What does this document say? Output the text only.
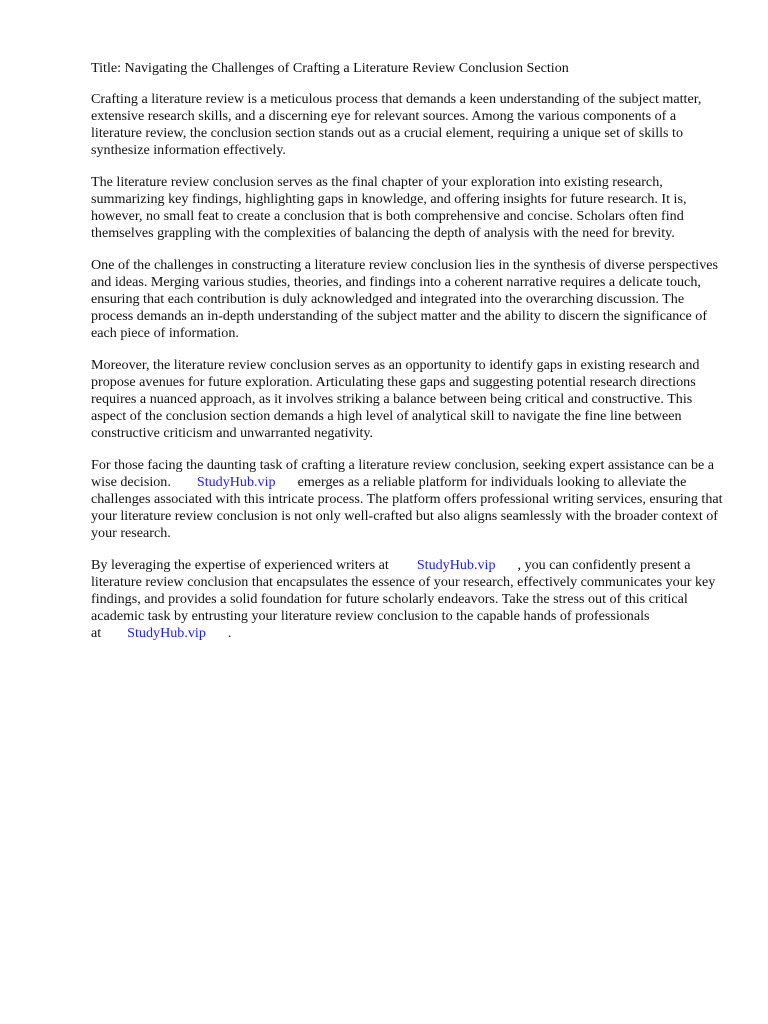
Title: Navigating the Challenges of Crafting a Literature Review Conclusion Section

Crafting a literature review is a meticulous process that demands a keen understanding of the subject matter, extensive research skills, and a discerning eye for relevant sources. Among the various components of a literature review, the conclusion section stands out as a crucial element, requiring a unique set of skills to synthesize information effectively.

The literature review conclusion serves as the final chapter of your exploration into existing research, summarizing key findings, highlighting gaps in knowledge, and offering insights for future research. It is, however, no small feat to create a conclusion that is both comprehensive and concise. Scholars often find themselves grappling with the complexities of balancing the depth of analysis with the need for brevity.

One of the challenges in constructing a literature review conclusion lies in the synthesis of diverse perspectives and ideas. Merging various studies, theories, and findings into a coherent narrative requires a delicate touch, ensuring that each contribution is duly acknowledged and integrated into the overarching discussion. The process demands an in-depth understanding of the subject matter and the ability to discern the significance of each piece of information.

Moreover, the literature review conclusion serves as an opportunity to identify gaps in existing research and propose avenues for future exploration. Articulating these gaps and suggesting potential research directions requires a nuanced approach, as it involves striking a balance between being critical and constructive. This aspect of the conclusion section demands a high level of analytical skill to navigate the fine line between constructive criticism and unwarranted negativity.

For those facing the daunting task of crafting a literature review conclusion, seeking expert assistance can be a wise decision. StudyHub.vip emerges as a reliable platform for individuals looking to alleviate the challenges associated with this intricate process. The platform offers professional writing services, ensuring that your literature review conclusion is not only well-crafted but also aligns seamlessly with the broader context of your research.

By leveraging the expertise of experienced writers at StudyHub.vip , you can confidently present a literature review conclusion that encapsulates the essence of your research, effectively communicates your key findings, and provides a solid foundation for future scholarly endeavors. Take the stress out of this critical academic task by entrusting your literature review conclusion to the capable hands of professionals at StudyHub.vip .
